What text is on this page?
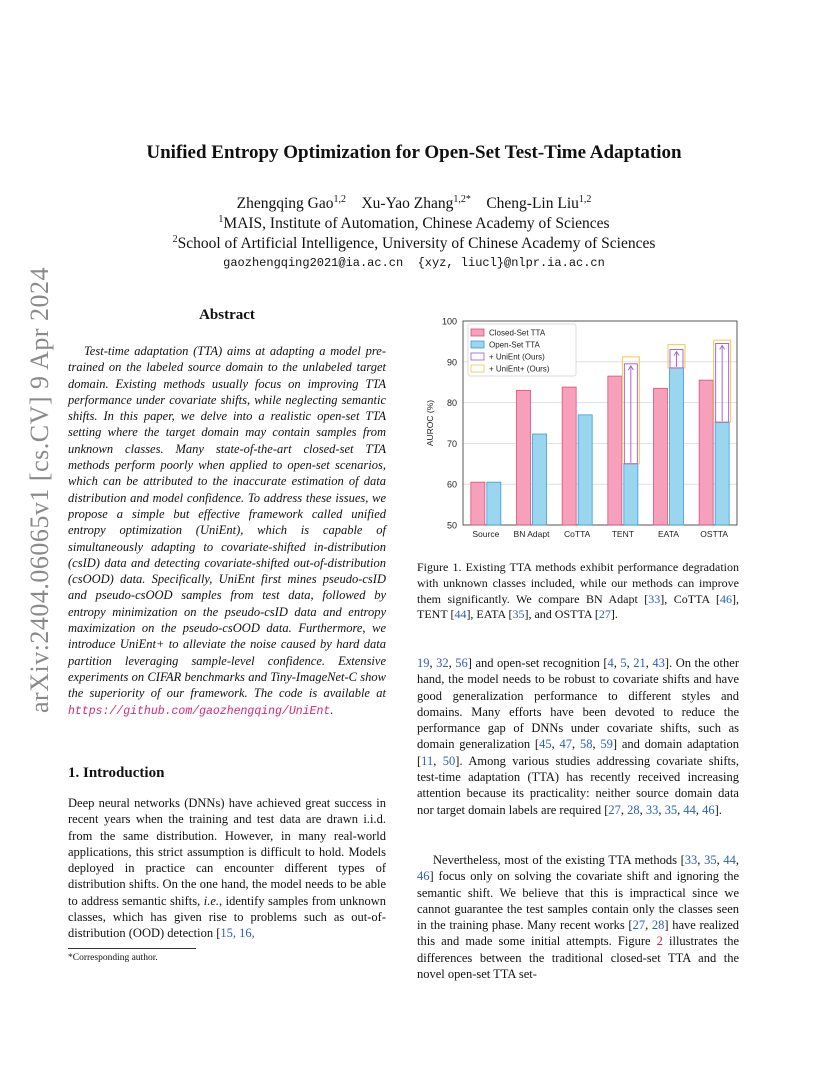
arXiv:2404.06065v1 [cs.CV] 9 Apr 2024
Unified Entropy Optimization for Open-Set Test-Time Adaptation
Zhengqing Gao$^{1,2}$ Xu-Yao Zhang$^{1,2*}$ Cheng-Lin Liu$^{1,2}$
$^1$MAIS, Institute of Automation, Chinese Academy of Sciences
$^2$School of Artificial Intelligence, University of Chinese Academy of Sciences
gaozhengqing2021@ia.ac.cn  {xyz, liucl}@nlpr.ia.ac.cn
Abstract
Test-time adaptation (TTA) aims at adapting a model pre-trained on the labeled source domain to the unlabeled target domain. Existing methods usually focus on improving TTA performance under covariate shifts, while neglecting semantic shifts. In this paper, we delve into a realistic open-set TTA setting where the target domain may contain samples from unknown classes. Many state-of-the-art closed-set TTA methods perform poorly when applied to open-set scenarios, which can be attributed to the inaccurate estimation of data distribution and model confidence. To address these issues, we propose a simple but effective framework called unified entropy optimization (UniEnt), which is capable of simultaneously adapting to covariate-shifted in-distribution (csID) data and detecting covariate-shifted out-of-distribution (csOOD) data. Specifically, UniEnt first mines pseudo-csID and pseudo-csOOD samples from test data, followed by entropy minimization on the pseudo-csID data and entropy maximization on the pseudo-csOOD data. Furthermore, we introduce UniEnt+ to alleviate the noise caused by hard data partition leveraging sample-level confidence. Extensive experiments on CIFAR benchmarks and Tiny-ImageNet-C show the superiority of our framework. The code is available at https://github.com/gaozhengqing/UniEnt.
1. Introduction
Deep neural networks (DNNs) have achieved great success in recent years when the training and test data are drawn i.i.d. from the same distribution. However, in many real-world applications, this strict assumption is difficult to hold. Models deployed in practice can encounter different types of distribution shifts. On the one hand, the model needs to be able to address semantic shifts, i.e., identify samples from unknown classes, which has given rise to problems such as out-of-distribution (OOD) detection [15, 16,
*Corresponding author.
50
60
70
80
90
100
AUROC (%)
Source BN Adapt CoTTA	TENT	EATA	OSTTA
Closed-Set TTA
Open-Set TTA
+ UniEnt (Ours)
+ UniEnt+ (Ours)
Figure 1. Existing TTA methods exhibit performance degradation with unknown classes included, while our methods can improve them significantly. We compare BN Adapt [33], CoTTA [46], TENT [44], EATA [35], and OSTTA [27].
19, 32, 56] and open-set recognition [4, 5, 21, 43]. On the other hand, the model needs to be robust to covariate shifts and have good generalization performance to different styles and domains. Many efforts have been devoted to reduce the performance gap of DNNs under covariate shifts, such as domain generalization [45, 47, 58, 59] and domain adaptation [11, 50]. Among various studies addressing covariate shifts, test-time adaptation (TTA) has recently received increasing attention because its practicality: neither source domain data nor target domain labels are required [27, 28, 33, 35, 44, 46].
Nevertheless, most of the existing TTA methods [33, 35, 44, 46] focus only on solving the covariate shift and ignoring the semantic shift. We believe that this is impractical since we cannot guarantee the test samples contain only the classes seen in the training phase. Many recent works [27, 28] have realized this and made some initial attempts. Figure 2 illustrates the differences between the traditional closed-set TTA and the novel open-set TTA set-
